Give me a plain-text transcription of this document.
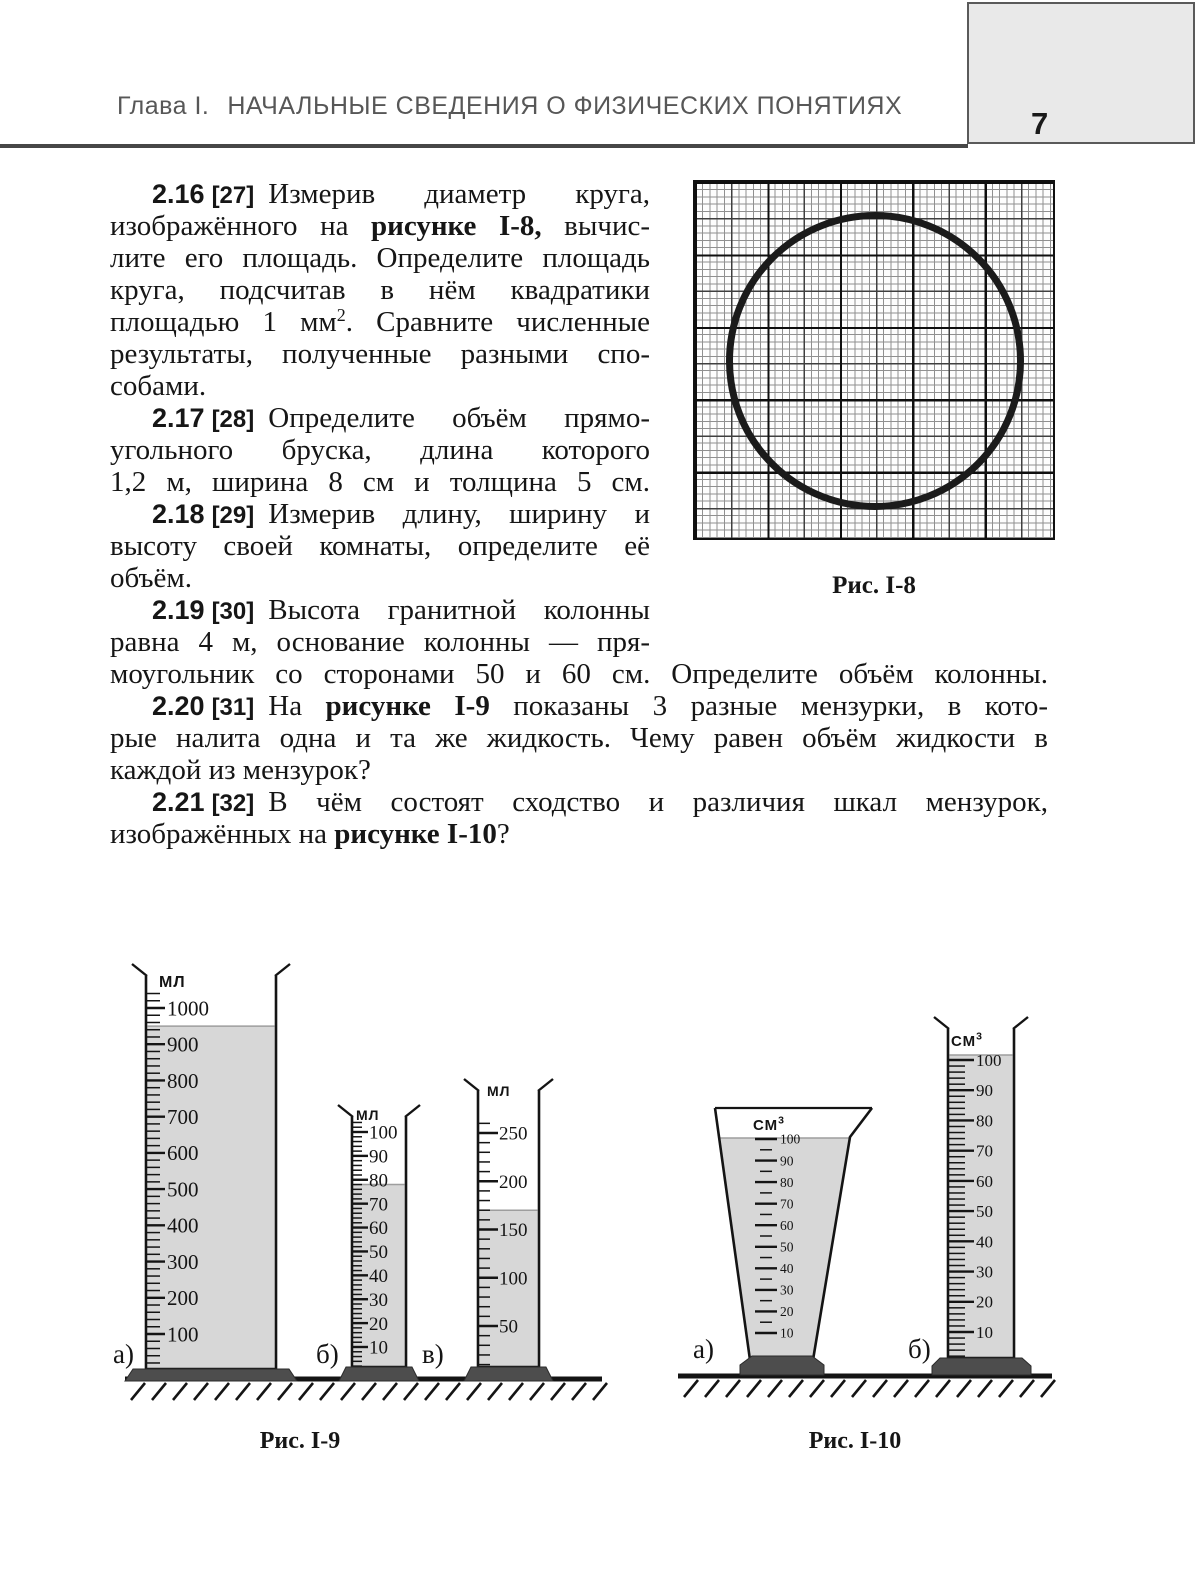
Глава I. НАЧАЛЬНЫЕ СВЕДЕНИЯ О ФИЗИЧЕСКИХ ПОНЯТИЯХ	7
2.16 [27] Измерив диаметр круга,
изображённого на рисунке I-8, вычис-
лите его площадь. Определите площадь
круга, подсчитав в нём квадратики
площадью 1 $мм^2$. Сравните численные
результаты, полученные разными спо-
собами.
2.17 [28] Определите объём прямо-
угольного бруска, длина которого
1,2 м, ширина 8 см и толщина 5 см.
2.18 [29] Измерив длину, ширину и
высоту своей комнаты, определите её
объём.
2.19 [30] Высота гранитной колонны
равна 4 м, основание колонны — пря-
моугольник со сторонами 50 и 60 см. Определите объём колонны.
2.20 [31] На рисунке I-9 показаны 3 разные мензурки, в кото-
рые налита одна и та же жидкость. Чему равен объём жидкости в
каждой из мензурок?
2.21 [32] В чём состоят сходство и различия шкал мензурок,
изображённых на рисунке I-10?
Рис. I-8
100
200
300
400
500
600
700
800
900
1000
МЛ
а)	10
20
30
40
50
60
70
80
90
100
МЛ
б)
50
100
150
200
250
МЛ
в)
Рис. I-9
10
20
30
40
50
60
70
80
90
100
$СМ^3$
а)
10
20
30
40
50
60
70
80
90
100
$СМ^3$
б)
Рис. I-10
